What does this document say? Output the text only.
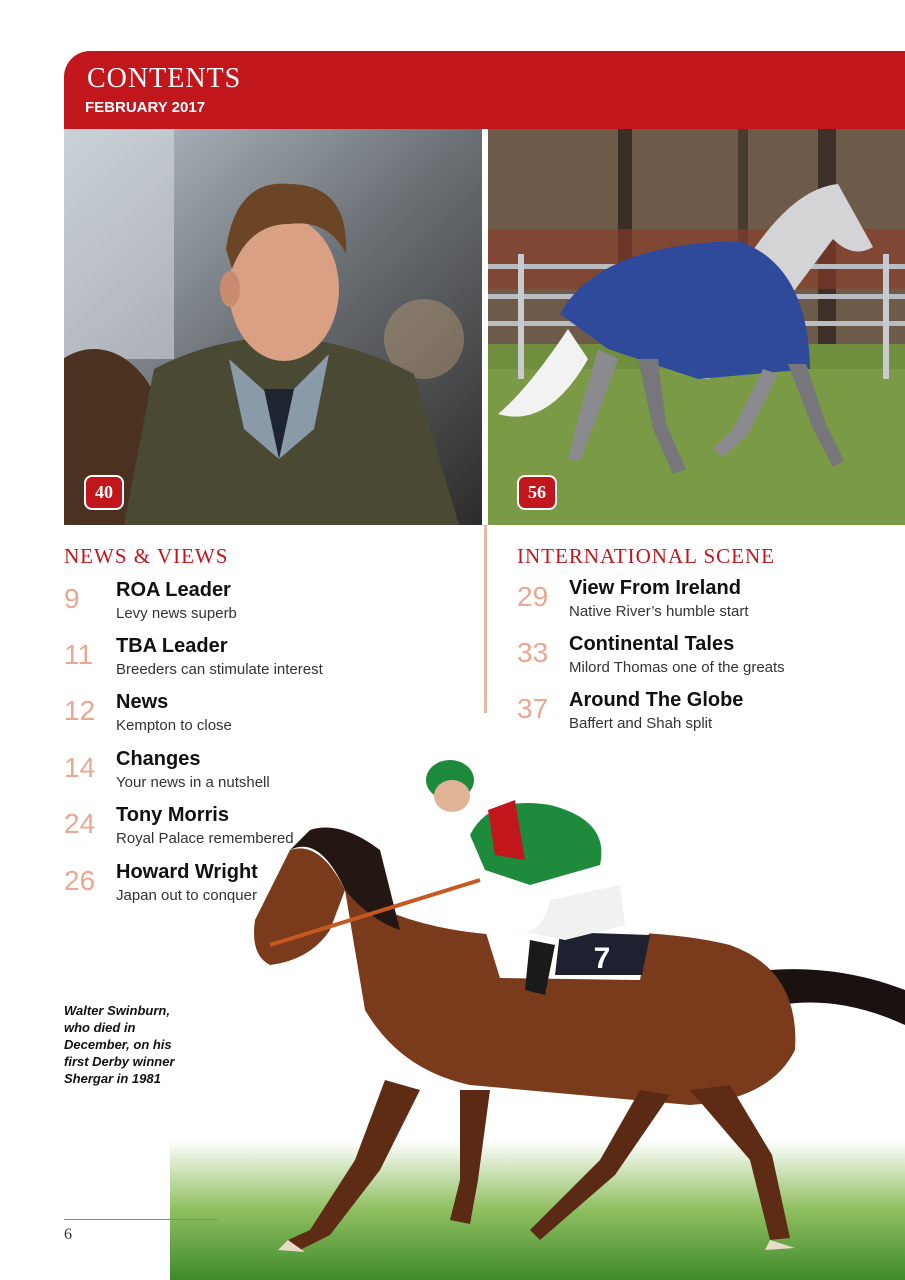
CONTENTS
FEBRUARY 2017
40	56
7
NEWS & VIEWS
9 ROA Leader
Levy news superb
11 TBA Leader
Breeders can stimulate interest
12 News
Kempton to close
14 Changes
Your news in a nutshell
24 Tony Morris
Royal Palace remembered
26 Howard Wright
Japan out to conquer
INTERNATIONAL SCENE
29 View From Ireland
Native River’s humble start
33 Continental Tales
Milord Thomas one of the greats
37 Around The Globe
Baffert and Shah split
Walter Swinburn, who died in December, on his first Derby winner Shergar in 1981
6
